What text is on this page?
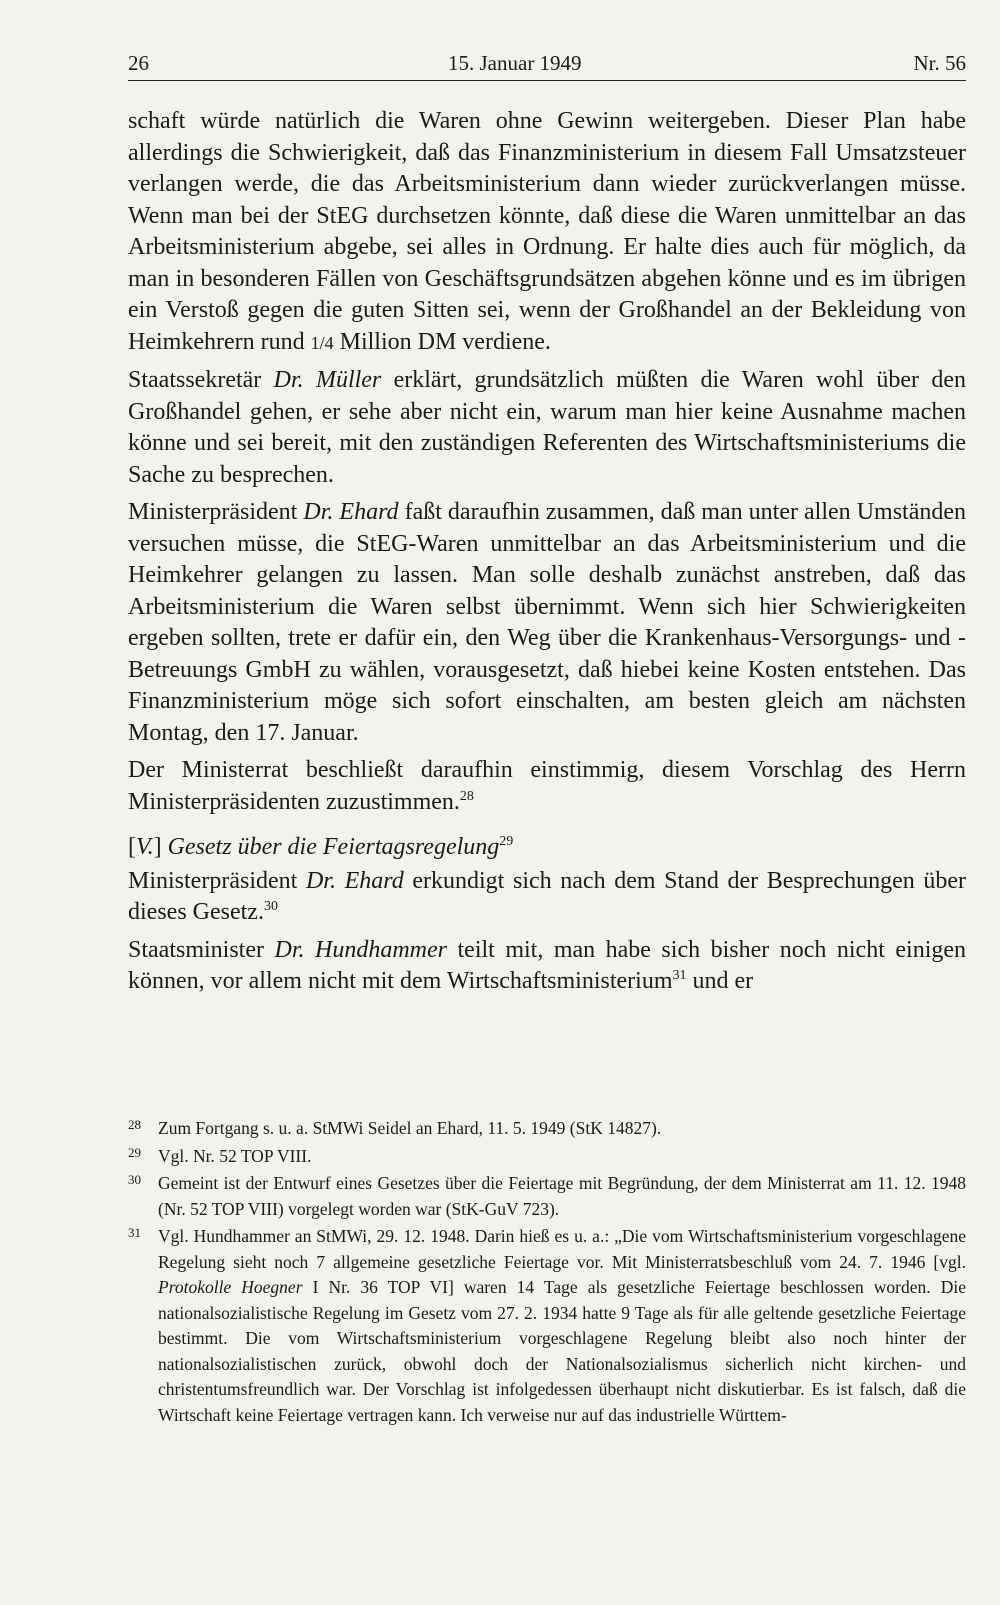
26	15. Januar 1949	Nr. 56

schaft würde natürlich die Waren ohne Gewinn weitergeben. Dieser Plan habe allerdings die Schwierigkeit, daß das Finanzministerium in diesem Fall Umsatzsteuer verlangen werde, die das Arbeitsministerium dann wieder zurückverlangen müsse. Wenn man bei der StEG durchsetzen könnte, daß diese die Waren unmittelbar an das Arbeitsministerium abgebe, sei alles in Ordnung. Er halte dies auch für möglich, da man in besonderen Fällen von Geschäftsgrundsätzen abgehen könne und es im übrigen ein Verstoß gegen die guten Sitten sei, wenn der Großhandel an der Bekleidung von Heimkehrern rund 1/4 Million DM verdiene.

Staatssekretär Dr. Müller erklärt, grundsätzlich müßten die Waren wohl über den Großhandel gehen, er sehe aber nicht ein, warum man hier keine Ausnahme machen könne und sei bereit, mit den zuständigen Referenten des Wirtschaftsministeriums die Sache zu besprechen.

Ministerpräsident Dr. Ehard faßt daraufhin zusammen, daß man unter allen Umständen versuchen müsse, die StEG-Waren unmittelbar an das Arbeitsministerium und die Heimkehrer gelangen zu lassen. Man solle deshalb zunächst anstreben, daß das Arbeitsministerium die Waren selbst übernimmt. Wenn sich hier Schwierigkeiten ergeben sollten, trete er dafür ein, den Weg über die Krankenhaus-Versorgungs- und -Betreuungs GmbH zu wählen, vorausgesetzt, daß hiebei keine Kosten entstehen. Das Finanzministerium möge sich sofort einschalten, am besten gleich am nächsten Montag, den 17. Januar.

Der Ministerrat beschließt daraufhin einstimmig, diesem Vorschlag des Herrn Ministerpräsidenten zuzustimmen.$^{28}$

[V.] Gesetz über die Feiertagsregelung$^{29}$

Ministerpräsident Dr. Ehard erkundigt sich nach dem Stand der Besprechungen über dieses Gesetz.$^{30}$

Staatsminister Dr. Hundhammer teilt mit, man habe sich bisher noch nicht einigen können, vor allem nicht mit dem Wirtschaftsministerium$^{31}$ und er

28 Zum Fortgang s. u. a. StMWi Seidel an Ehard, 11. 5. 1949 (StK 14827).
29 Vgl. Nr. 52 TOP VIII.
30 Gemeint ist der Entwurf eines Gesetzes über die Feiertage mit Begründung, der dem Ministerrat am 11. 12. 1948 (Nr. 52 TOP VIII) vorgelegt worden war (StK-GuV 723).
31 Vgl. Hundhammer an StMWi, 29. 12. 1948. Darin hieß es u. a.: „Die vom Wirtschaftsministerium vorgeschlagene Regelung sieht noch 7 allgemeine gesetzliche Feiertage vor. Mit Ministerratsbeschluß vom 24. 7. 1946 [vgl. Protokolle Hoegner I Nr. 36 TOP VI] waren 14 Tage als gesetzliche Feiertage beschlossen worden. Die nationalsozialistische Regelung im Gesetz vom 27. 2. 1934 hatte 9 Tage als für alle geltende gesetzliche Feiertage bestimmt. Die vom Wirtschaftsministerium vorgeschlagene Regelung bleibt also noch hinter der nationalsozialistischen zurück, obwohl doch der Nationalsozialismus sicherlich nicht kirchen- und christentumsfreundlich war. Der Vorschlag ist infolgedessen überhaupt nicht diskutierbar. Es ist falsch, daß die Wirtschaft keine Feiertage vertragen kann. Ich verweise nur auf das industrielle Württem-
